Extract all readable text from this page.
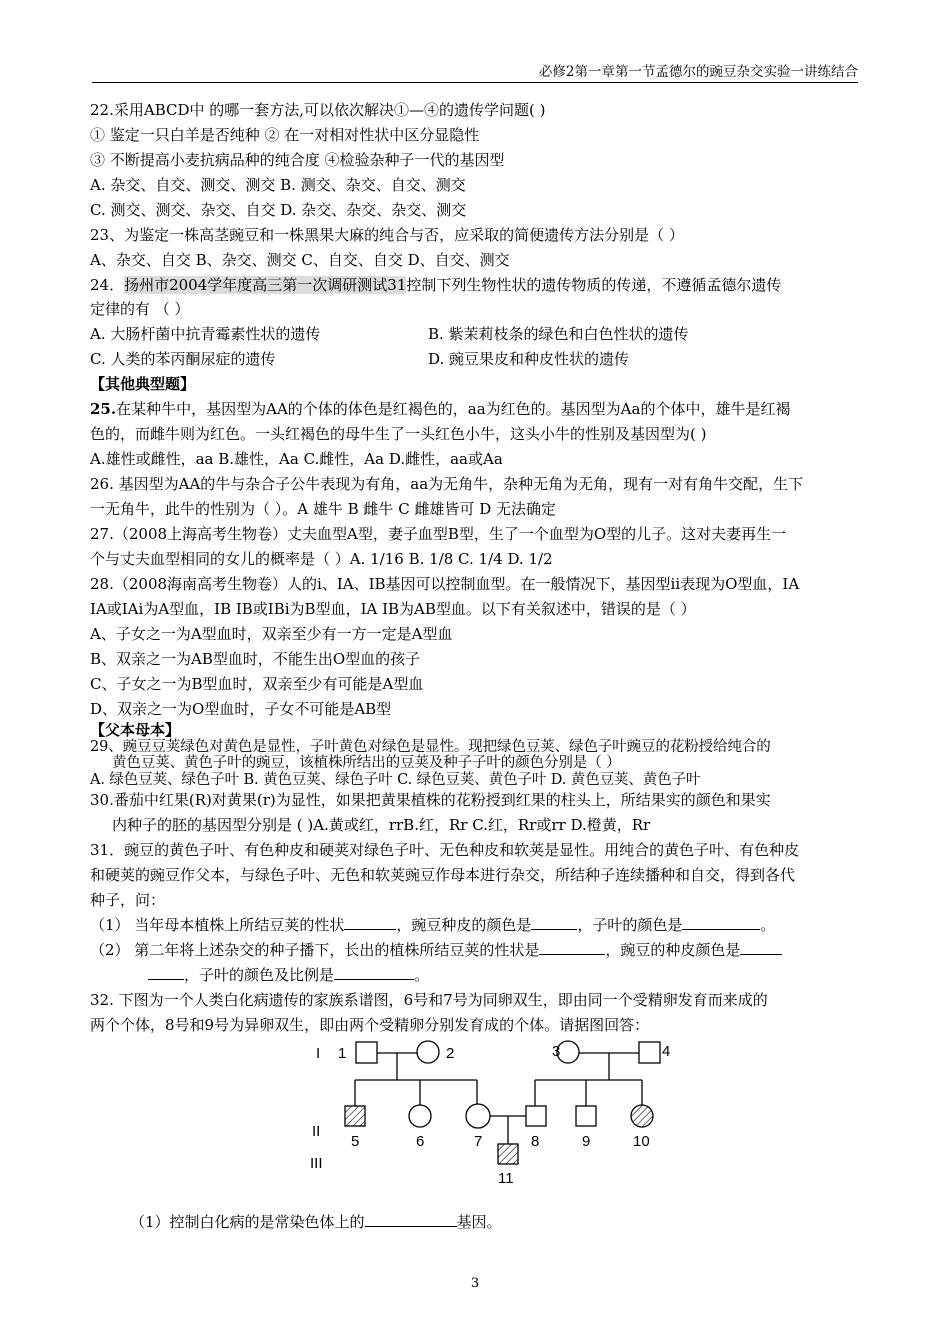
必修2第一章第一节孟德尔的豌豆杂交实验一讲练结合
22.采用ABCD中 的哪一套方法,可以依次解决①—④的遗传学问题( )
① 鉴定一只白羊是否纯种 ② 在一对相对性状中区分显隐性
③ 不断提高小麦抗病品种的纯合度 ④检验杂种子一代的基因型
A. 杂交、自交、测交、测交 B. 测交、杂交、自交、测交
C. 测交、测交、杂交、自交 D. 杂交、杂交、杂交、测交
23、为鉴定一株高茎豌豆和一株黑果大麻的纯合与否，应采取的简便遗传方法分别是（ ）
A、杂交、自交 B、杂交、测交 C、自交、自交 D、自交、测交
24．扬州市2004学年度高三第一次调研测试31控制下列生物性状的遗传物质的传递，不遵循孟德尔遗传
定律的有 （ ）
A. 大肠杆菌中抗青霉素性状的遗传	B. 紫茉莉枝条的绿色和白色性状的遗传
C. 人类的苯丙酮尿症的遗传	D. 豌豆果皮和种皮性状的遗传
【其他典型题】
25.在某种牛中，基因型为AA的个体的体色是红褐色的，aa为红色的。基因型为Aa的个体中，雄牛是红褐
色的，而雌牛则为红色。一头红褐色的母牛生了一头红色小牛，这头小牛的性别及基因型为( )
A.雄性或雌性，aa B.雄性，Aa C.雌性，Aa D.雌性，aa或Aa
26. 基因型为AA的牛与杂合子公牛表现为有角，aa为无角牛，杂种无角为无角，现有一对有角牛交配，生下
一无角牛，此牛的性别为（ ）。A 雄牛 B 雌牛 C 雌雄皆可 D 无法确定
27.（2008上海高考生物卷）丈夫血型A型，妻子血型B型，生了一个血型为O型的儿子。这对夫妻再生一
个与丈夫血型相同的女儿的概率是（ ）A. 1/16 B. 1/8 C. 1/4 D. 1/2
28.（2008海南高考生物卷）人的i、IA、IB基因可以控制血型。在一般情况下，基因型ii表现为O型血，IA
IA或IAi为A型血，IB IB或IBi为B型血，IA IB为AB型血。以下有关叙述中，错误的是（ ）
A、子女之一为A型血时，双亲至少有一方一定是A型血
B、双亲之一为AB型血时，不能生出O型血的孩子
C、子女之一为B型血时，双亲至少有可能是A型血
D、双亲之一为O型血时，子女不可能是AB型
【父本母本】
29、豌豆豆荚绿色对黄色是显性，子叶黄色对绿色是显性。现把绿色豆荚、绿色子叶豌豆的花粉授给纯合的
黄色豆荚、黄色子叶的豌豆，该植株所结出的豆荚及种子子叶的颜色分别是（ ）
A. 绿色豆荚、绿色子叶 B. 黄色豆荚、绿色子叶 C. 绿色豆荚、黄色子叶 D. 黄色豆荚、黄色子叶
30.番茄中红果(R)对黄果(r)为显性，如果把黄果植株的花粉授到红果的柱头上，所结果实的颜色和果实
内种子的胚的基因型分别是 ( )A.黄或红，rrB.红，Rr C.红，Rr或rr D.橙黄，Rr
31．豌豆的黄色子叶、有色种皮和硬荚对绿色子叶、无色种皮和软荚是显性。用纯合的黄色子叶、有色种皮
和硬荚的豌豆作父本，与绿色子叶、无色和软荚豌豆作母本进行杂交，所结种子连续播种和自交，得到各代
种子，问：
（1） 当年母本植株上所结豆荚的性状	，豌豆种皮的颜色是	，子叶的颜色是	。
（2） 第二年将上述杂交的种子播下，长出的植株所结豆荚的性状是	，豌豆的种皮颜色是
，子叶的颜色及比例是	。
32. 下图为一个人类白化病遗传的家族系谱图，6号和7号为同卵双生，即由同一个受精卵发育而来成的
两个个体，8号和9号为异卵双生，即由两个受精卵分别发育成的个体。请据图回答：
I
II
III
1	2	3	4
5	6	7	8	9	10
11
（1）控制白化病的是常染色体上的	基因。
3
